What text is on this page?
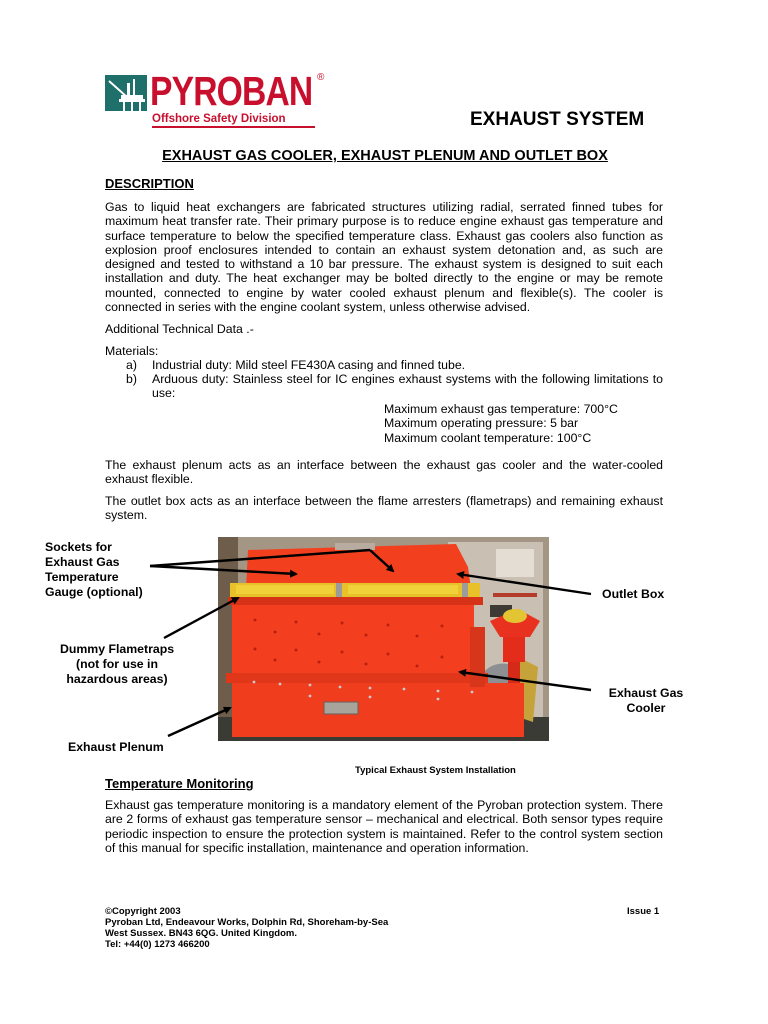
PYROBAN ®
Offshore Safety Division	EXHAUST SYSTEM
EXHAUST GAS COOLER, EXHAUST PLENUM AND OUTLET BOX
DESCRIPTION
Gas to liquid heat exchangers are fabricated structures utilizing radial, serrated finned tubes for maximum heat transfer rate. Their primary purpose is to reduce engine exhaust gas temperature and surface temperature to below the specified temperature class. Exhaust gas coolers also function as explosion proof enclosures intended to contain an exhaust system detonation and, as such are designed and tested to withstand a 10 bar pressure. The exhaust system is designed to suit each installation and duty. The heat exchanger may be bolted directly to the engine or may be remote mounted, connected to engine by water cooled exhaust plenum and flexible(s). The cooler is connected in series with the engine coolant system, unless otherwise advised.
Additional Technical Data .-
Materials:
a) Industrial duty: Mild steel FE430A casing and finned tube.
b) Arduous duty: Stainless steel for IC engines exhaust systems with the following limitations to use:
Maximum exhaust gas temperature: 700°C
Maximum operating pressure: 5 bar
Maximum coolant temperature: 100°C
The exhaust plenum acts as an interface between the exhaust gas cooler and the water-cooled exhaust flexible.
The outlet box acts as an interface between the flame arresters (flametraps) and remaining exhaust system.
Sockets for
Exhaust Gas
Temperature
Gauge (optional)
Dummy Flametraps
(not for use in
hazardous areas)
Exhaust Plenum
Outlet Box
Exhaust Gas
Cooler
Typical Exhaust System Installation
Temperature Monitoring
Exhaust gas temperature monitoring is a mandatory element of the Pyroban protection system. There are 2 forms of exhaust gas temperature sensor – mechanical and electrical. Both sensor types require periodic inspection to ensure the protection system is maintained. Refer to the control system section of this manual for specific installation, maintenance and operation information.
©Copyright 2003
Pyroban Ltd, Endeavour Works, Dolphin Rd, Shoreham-by-Sea
West Sussex. BN43 6QG. United Kingdom.
Tel: +44(0) 1273 466200
Issue 1
